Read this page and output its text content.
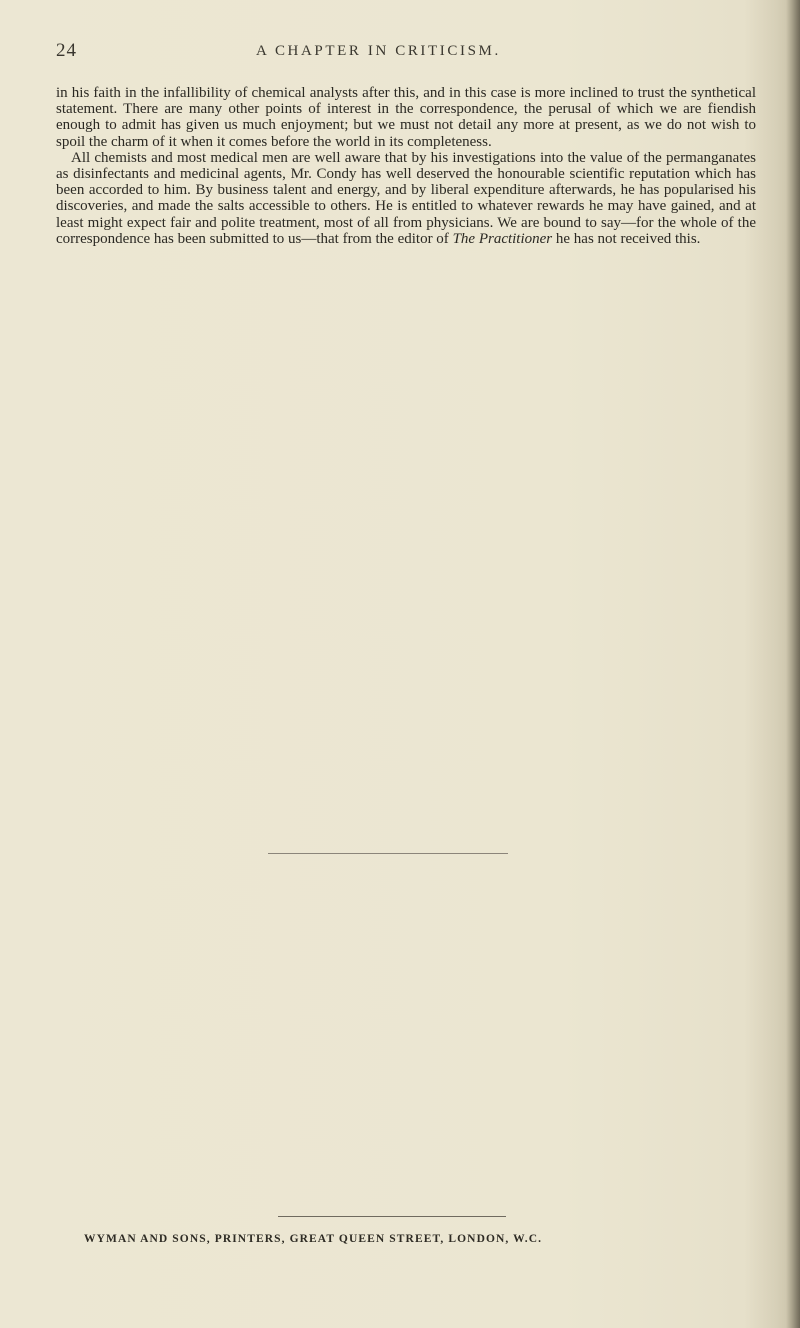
24	A CHAPTER IN CRITICISM.

in his faith in the infallibility of chemical analysts after this, and in this case is more inclined to trust the synthetical statement. There are many other points of interest in the correspondence, the perusal of which we are fiendish enough to admit has given us much enjoyment; but we must not detail any more at present, as we do not wish to spoil the charm of it when it comes before the world in its completeness.

All chemists and most medical men are well aware that by his investigations into the value of the permanganates as disinfectants and medicinal agents, Mr. Condy has well deserved the honourable scientific reputation which has been accorded to him. By business talent and energy, and by liberal expenditure afterwards, he has popularised his discoveries, and made the salts accessible to others. He is entitled to whatever rewards he may have gained, and at least might expect fair and polite treatment, most of all from physicians. We are bound to say—for the whole of the correspondence has been submitted to us—that from the editor of The Practitioner he has not received this.

WYMAN AND SONS, PRINTERS, GREAT QUEEN STREET, LONDON, W.C.
